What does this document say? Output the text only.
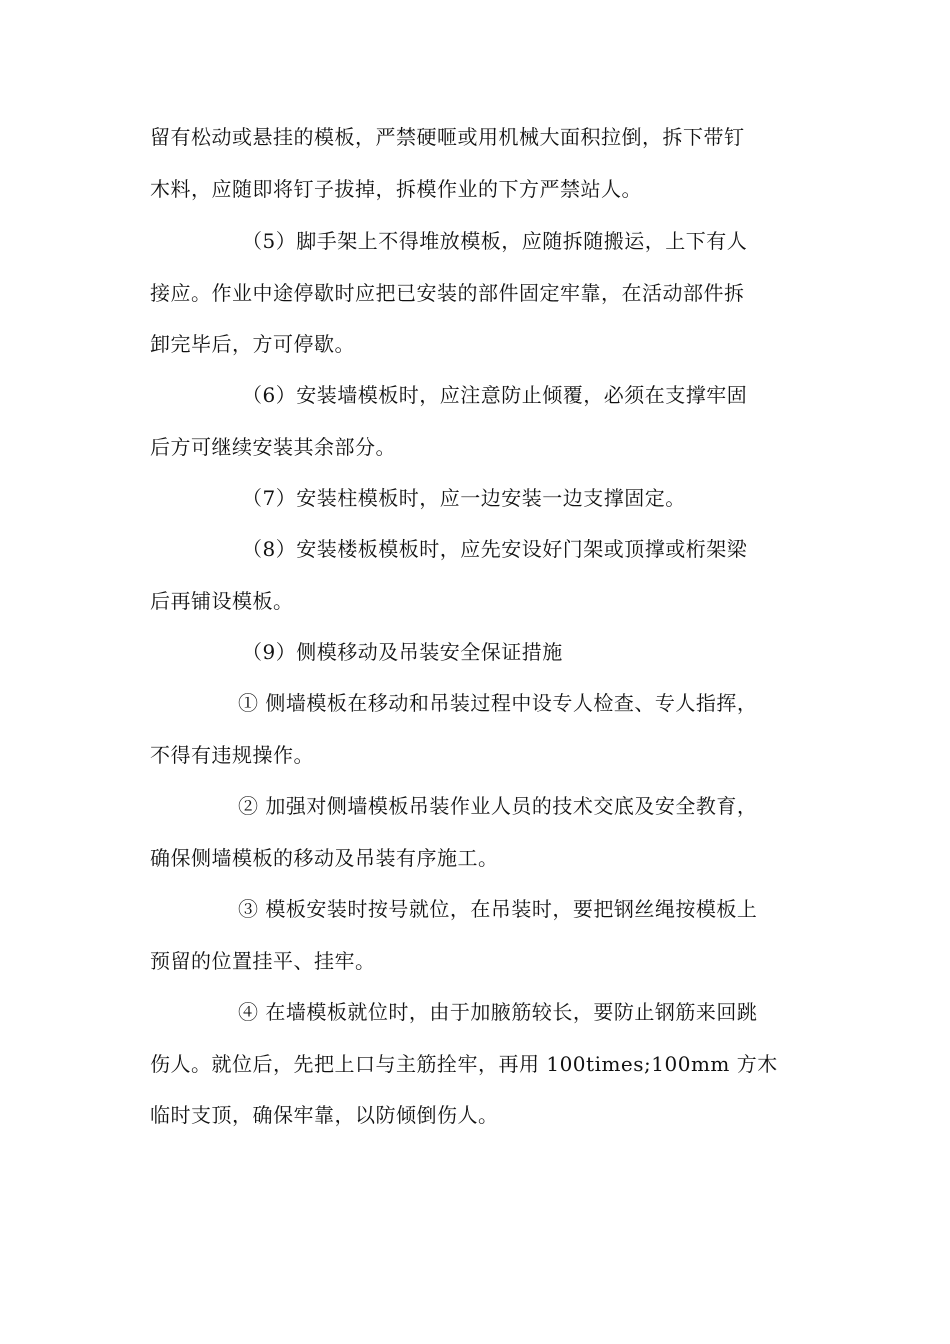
留有松动或悬挂的模板，严禁硬咂或用机械大面积拉倒，拆下带钉
木料，应随即将钉子拔掉，拆模作业的下方严禁站人。
（5）脚手架上不得堆放模板，应随拆随搬运，上下有人
接应。作业中途停歇时应把已安装的部件固定牢靠，在活动部件拆
卸完毕后，方可停歇。
（6）安装墙模板时，应注意防止倾覆，必须在支撑牢固
后方可继续安装其余部分。
（7）安装柱模板时，应一边安装一边支撑固定。
（8）安装楼板模板时，应先安设好门架或顶撑或桁架梁
后再铺设模板。
（9）侧模移动及吊装安全保证措施
① 侧墙模板在移动和吊装过程中设专人检查、专人指挥，
不得有违规操作。
② 加强对侧墙模板吊装作业人员的技术交底及安全教育，
确保侧墙模板的移动及吊装有序施工。
③ 模板安装时按号就位，在吊装时，要把钢丝绳按模板上
预留的位置挂平、挂牢。
④ 在墙模板就位时，由于加腋筋较长，要防止钢筋来回跳
伤人。就位后，先把上口与主筋拴牢，再用 100times;100mm 方木
临时支顶，确保牢靠，以防倾倒伤人。
